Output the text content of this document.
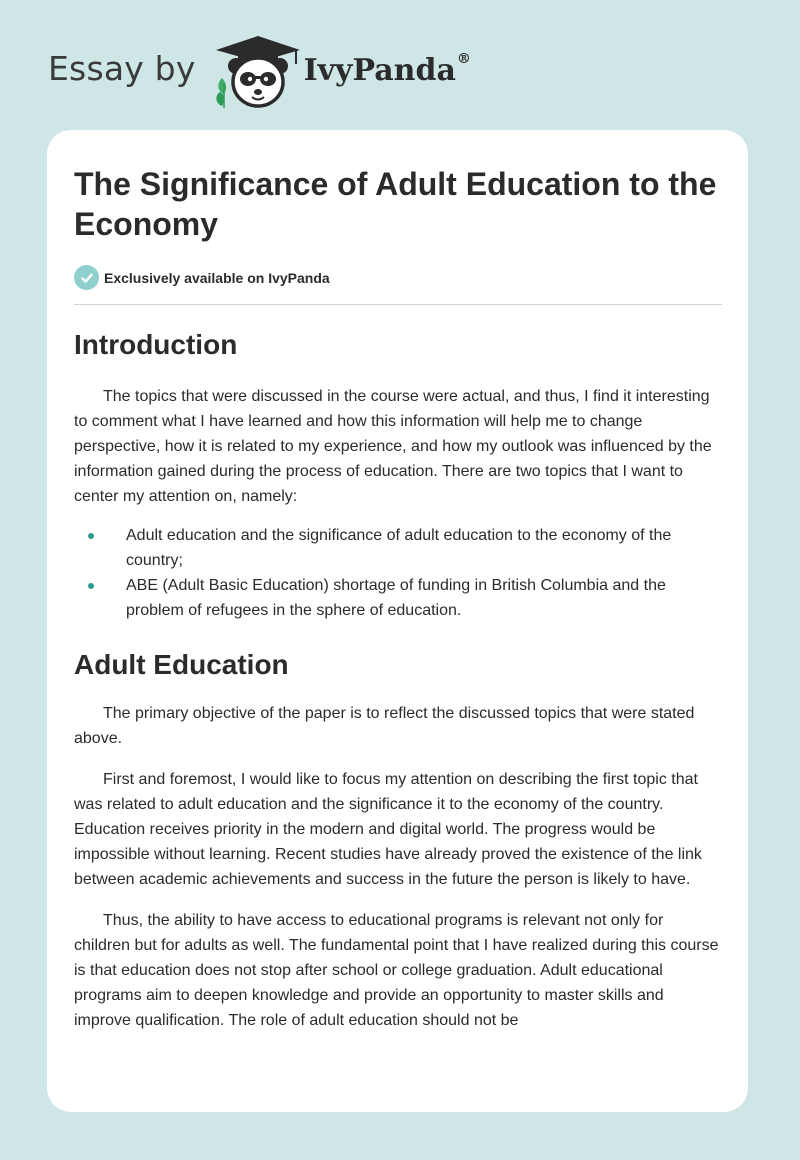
Essay by	IvyPanda®
The Significance of Adult Education to the Economy
Exclusively available on IvyPanda
Introduction

The topics that were discussed in the course were actual, and thus, I find it interesting to comment what I have learned and how this information will help me to change perspective, how it is related to my experience, and how my outlook was influenced by the information gained during the process of education. There are two topics that I want to center my attention on, namely:

Adult education and the significance of adult education to the economy of the country;
ABE (Adult Basic Education) shortage of funding in British Columbia and the problem of refugees in the sphere of education.
Adult Education

The primary objective of the paper is to reflect the discussed topics that were stated above.

First and foremost, I would like to focus my attention on describing the first topic that was related to adult education and the significance it to the economy of the country. Education receives priority in the modern and digital world. The progress would be impossible without learning. Recent studies have already proved the existence of the link between academic achievements and success in the future the person is likely to have.

Thus, the ability to have access to educational programs is relevant not only for children but for adults as well. The fundamental point that I have realized during this course is that education does not stop after school or college graduation. Adult educational programs aim to deepen knowledge and provide an opportunity to master skills and improve qualification. The role of adult education should not be
